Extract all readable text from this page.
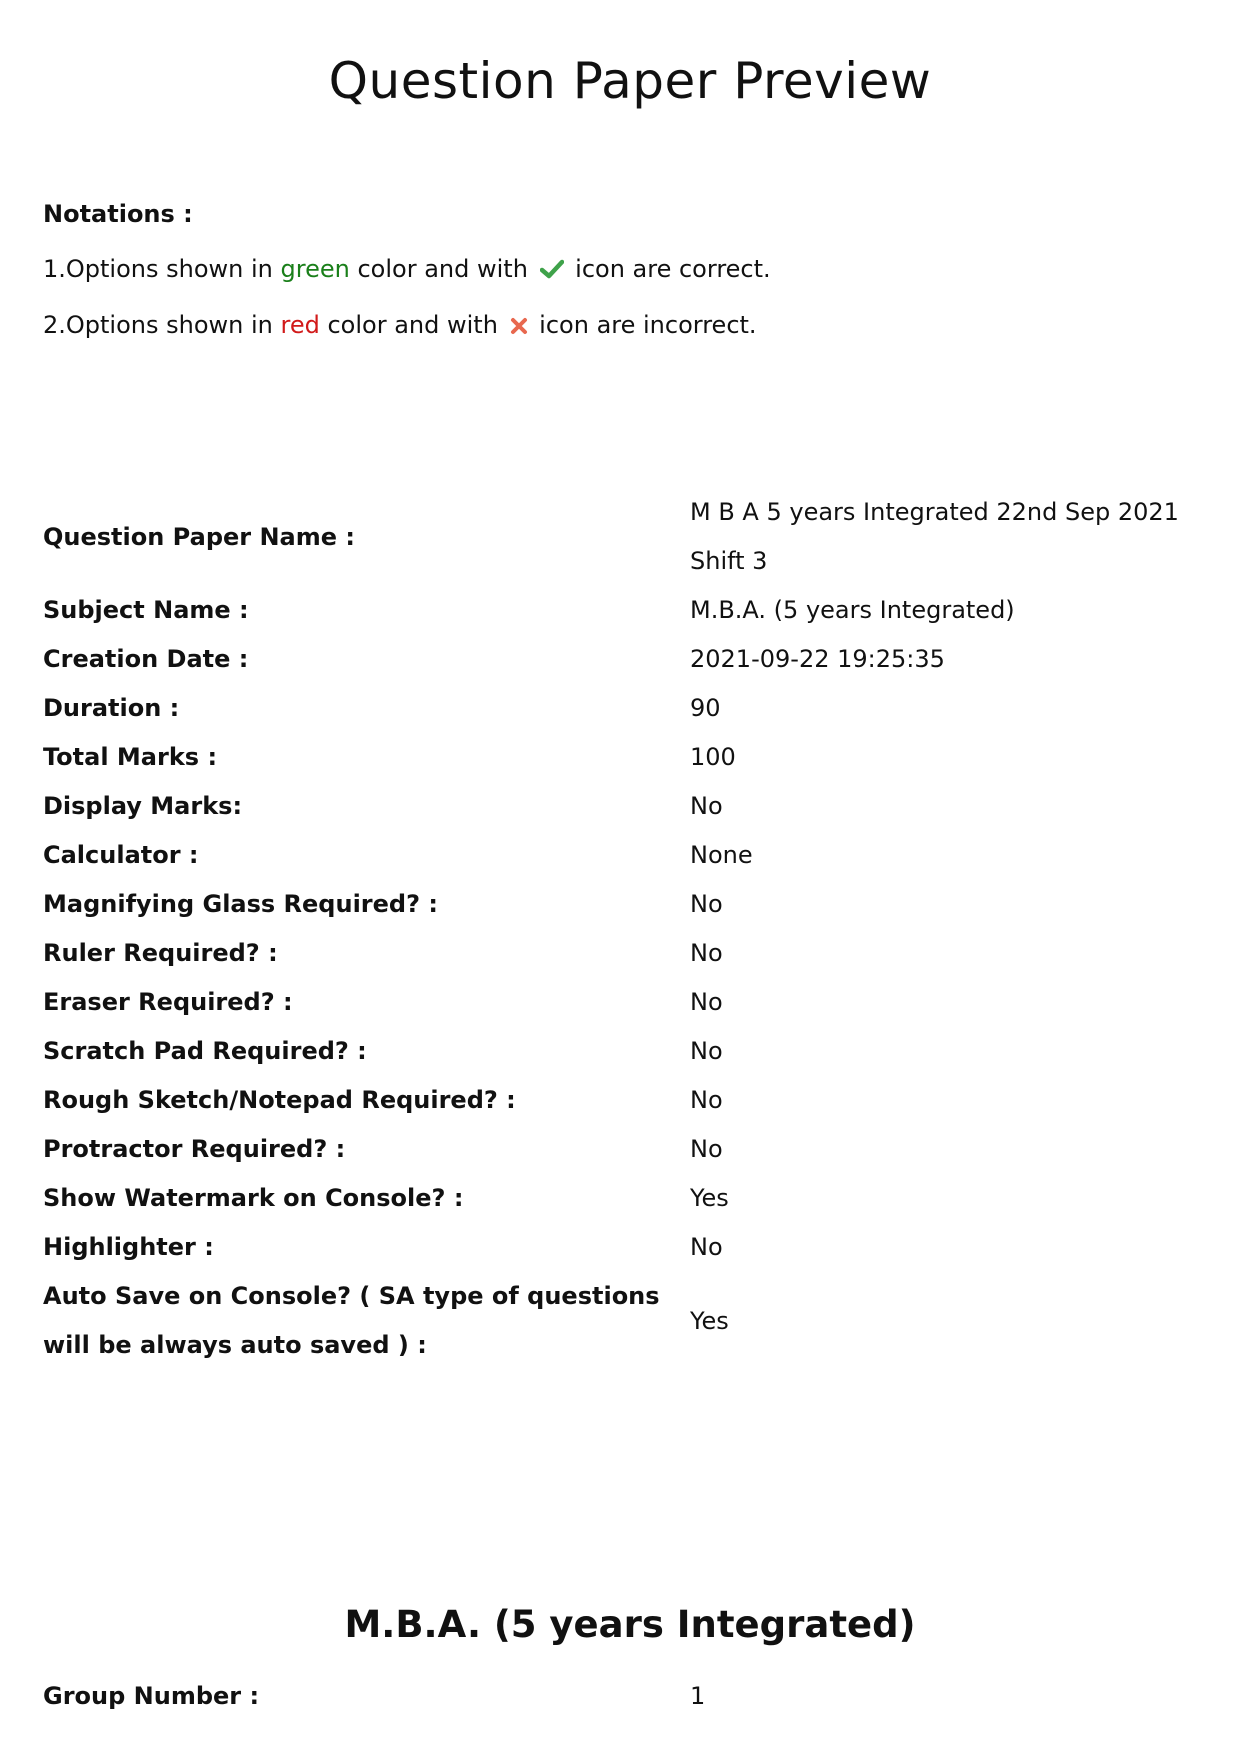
Question Paper Preview
Notations :
1.Options shown in green color and with  icon are correct.
2.Options shown in red color and with  icon are incorrect.
Question Paper Name :	M B A 5 years Integrated 22nd Sep 2021 Shift 3
Subject Name :	M.B.A. (5 years Integrated)
Creation Date :	2021-09-22 19:25:35
Duration :	90
Total Marks :	100
Display Marks:	No
Calculator :	None
Magnifying Glass Required? :	No
Ruler Required? :	No
Eraser Required? :	No
Scratch Pad Required? :	No
Rough Sketch/Notepad Required? :	No
Protractor Required? :	No
Show Watermark on Console? :	Yes
Highlighter :	No
Auto Save on Console? ( SA type of questions will be always auto saved ) :	Yes
M.B.A. (5 years Integrated)
Group Number :	1
